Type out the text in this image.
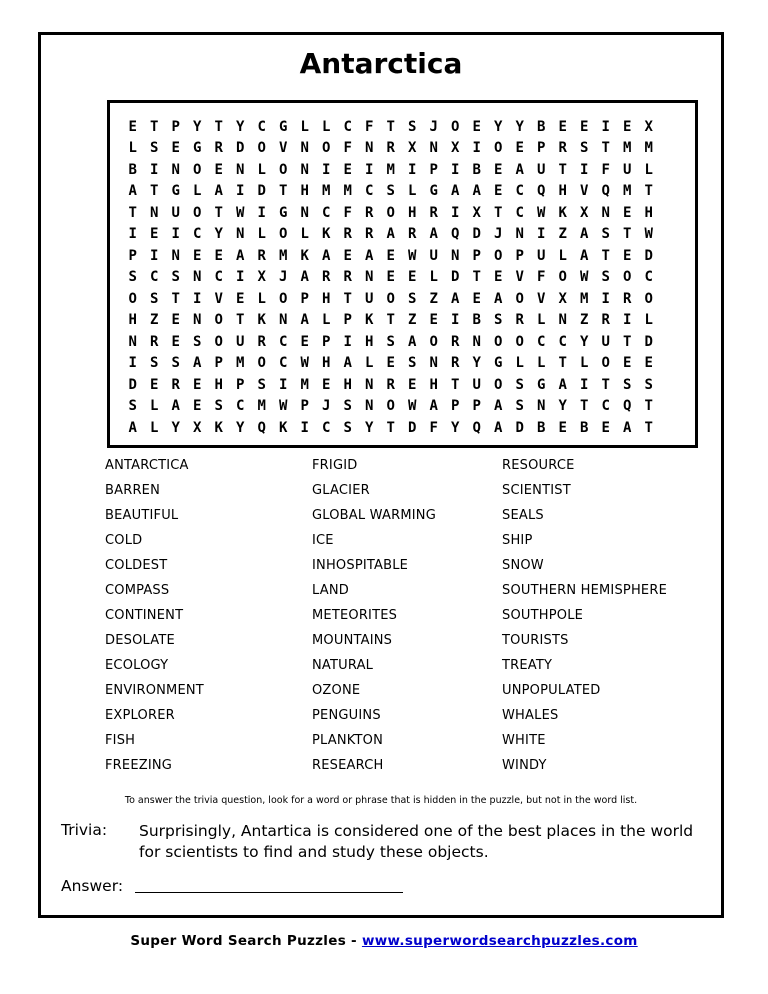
Antarctica
E T P Y T Y C G L L C F T S J O E Y Y B E E I E X
L S E G R D O V N O F N R X N X I O E P R S T M M
B I N O E N L O N I E I M I P I B E A U T I F U L
A T G L A I D T H M M C S L G A A E C Q H V Q M T
T N U O T W I G N C F R O H R I X T C W K X N E H
I E I C Y N L O L K R R A R A Q D J N I Z A S T W
P I N E E A R M K A E A E W U N P O P U L A T E D
S C S N C I X J A R R N E E L D T E V F O W S O C
O S T I V E L O P H T U O S Z A E A O V X M I R O
H Z E N O T K N A L P K T Z E I B S R L N Z R I L
N R E S O U R C E P I H S A O R N O O C C Y U T D
I S S A P M O C W H A L E S N R Y G L L T L O E E
D E R E H P S I M E H N R E H T U O S G A I T S S
S L A E S C M W P J S N O W A P P A S N Y T C Q T
A L Y X K Y Q K I C S Y T D F Y Q A D B E B E A T
ANTARCTICA
BARREN
BEAUTIFUL
COLD
COLDEST
COMPASS
CONTINENT
DESOLATE
ECOLOGY
ENVIRONMENT
EXPLORER
FISH
FREEZING
FRIGID
GLACIER
GLOBAL WARMING
ICE
INHOSPITABLE
LAND
METEORITES
MOUNTAINS
NATURAL
OZONE
PENGUINS
PLANKTON
RESEARCH
RESOURCE
SCIENTIST
SEALS
SHIP
SNOW
SOUTHERN HEMISPHERE
SOUTHPOLE
TOURISTS
TREATY
UNPOPULATED
WHALES
WHITE
WINDY
To answer the trivia question, look for a word or phrase that is hidden in the puzzle, but not in the word list.
Trivia: Surprisingly, Antartica is considered one of the best places in the world for scientists to find and study these objects.
Answer:
Super Word Search Puzzles - www.superwordsearchpuzzles.com
